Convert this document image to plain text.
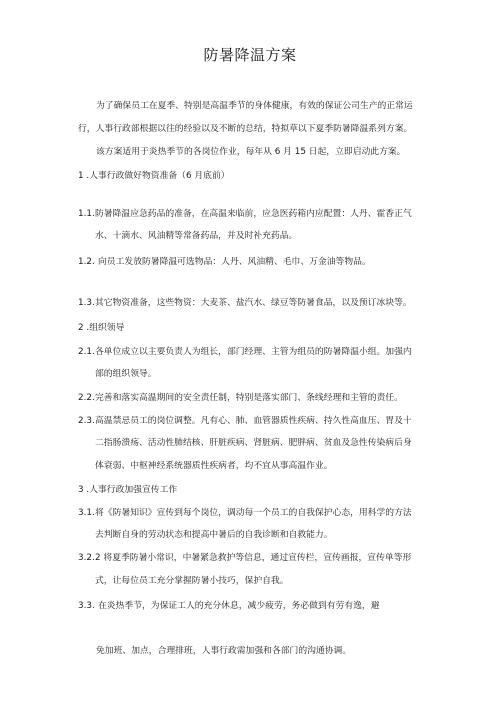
防暑降温方案
为了确保员工在夏季、特别是高温季节的身体健康，有效的保证公司生产的正常运
行，人事行政部根据以往的经验以及不断的总结，特拟草以下夏季防暑降温系列方案。
该方案适用于炎热季节的各岗位作业，每年从 6 月 15 日起，立即启动此方案。
1 .人事行政做好物资准备（6 月底前）
1.1. 防暑降温应急药品的准备，在高温来临前，应急医药箱内应配置：人丹、霍香正气
水、十滴水、风油精等常备药品，并及时补充药品。
1.2. 向员工发放防暑降温可选物品：人丹、风油精、毛巾、万金油等物品。
1.3. 其它物资准备，这些物资：大麦茶、盐汽水、绿豆等防暑食品，以及预订冰块等。
2 .组织领导
2.1. 各单位成立以主要负责人为组长，部门经理、主管为组员的防暑降温小组。加强内
部的组织领导。
2.2. 完善和落实高温期间的安全责任制，特别是落实部门、条线经理和主管的责任。
2.3. 高温禁忌员工的岗位调整。凡有心、肺、血管器质性疾病、持久性高血压、胃及十
二指肠溃疡、活动性肺结核、肝脏疾病、肾脏病、肥胖病、贫血及急性传染病后身
体衰弱、中枢神经系统器质性疾病者，均不宜从事高温作业。
3 .人事行政加强宣传工作
3.1. 将《防暑知识》宣传到每个岗位，调动每一个员工的自我保护心态，用科学的方法
去判断自身的劳动状态和提高中暑后的自我诊断和自救能力。
3.2. 2 将夏季防暑小常识，中暑紧急救护等信息，通过宣传栏，宣传画报，宣传单等形
式，让每位员工充分掌握防暑小技巧，保护自我。
3.3. 在炎热季节，为保证工人的充分休息，减少疲劳，务必做到有劳有逸，避
免加班、加点，合理排班，人事行政需加强和各部门的沟通协调。
